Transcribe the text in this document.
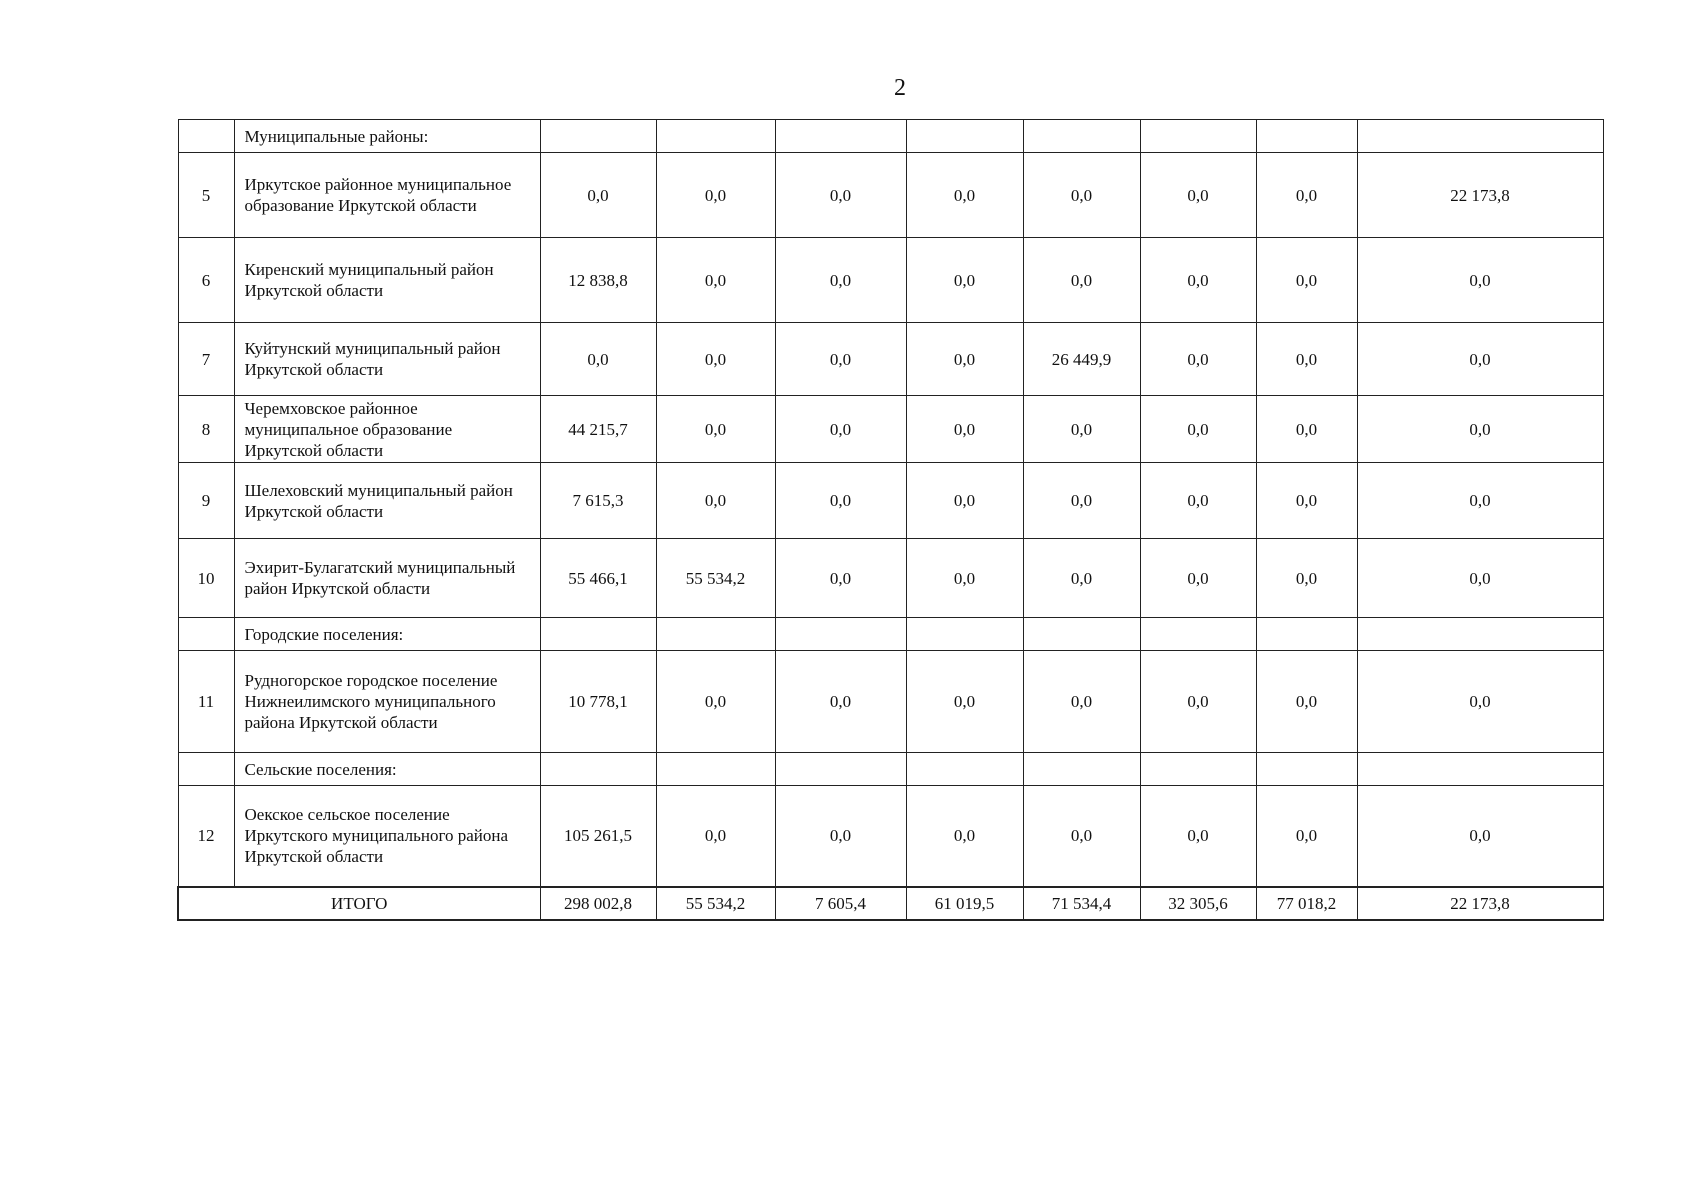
2
	Муниципальные районы:								
5	Иркутское районное муниципальное образование Иркутской области	0,0	0,0	0,0	0,0	0,0	0,0	0,0	22 173,8
6	Киренский муниципальный район Иркутской области	12 838,8	0,0	0,0	0,0	0,0	0,0	0,0	0,0
7	Куйтунский муниципальный район Иркутской области	0,0	0,0	0,0	0,0	26 449,9	0,0	0,0	0,0
8	Черемховское районное муниципальное образование Иркутской области	44 215,7	0,0	0,0	0,0	0,0	0,0	0,0	0,0
9	Шелеховский муниципальный район Иркутской области	7 615,3	0,0	0,0	0,0	0,0	0,0	0,0	0,0
10	Эхирит-Булагатский муниципальный район Иркутской области	55 466,1	55 534,2	0,0	0,0	0,0	0,0	0,0	0,0
	Городские поселения:								
11	Рудногорское городское поселение Нижнеилимского муниципального района Иркутской области	10 778,1	0,0	0,0	0,0	0,0	0,0	0,0	0,0
	Сельские поселения:								
12	Оекское сельское поселение Иркутского муниципального района Иркутской области	105 261,5	0,0	0,0	0,0	0,0	0,0	0,0	0,0
ИТОГО		298 002,8	55 534,2	7 605,4	61 019,5	71 534,4	32 305,6	77 018,2	22 173,8
